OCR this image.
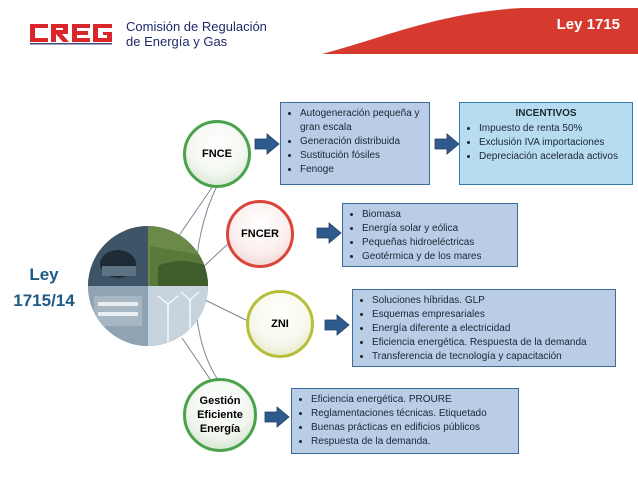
Comisión de Regulación
de Energía y Gas
Ley 1715
Ley
1715/14
FNCE
FNCER
ZNI
Gestión
Eficiente
Energía
• Autogeneración pequeña y gran escala
• Generación distribuida
• Sustitución fósiles
• Fenoge
INCENTIVOS
• Impuesto de renta 50%
• Exclusión IVA importaciones
• Depreciación acelerada activos
• Biomasa
• Energía solar y eólica
• Pequeñas hidroeléctricas
• Geotérmica y de los mares
• Soluciones híbridas. GLP
• Esquemas empresariales
• Energía diferente a electricidad
• Eficiencia energética. Respuesta de la demanda
• Transferencia de tecnología y capacitación
• Eficiencia energética. PROURE
• Reglamentaciones técnicas. Etiquetado
• Buenas prácticas en edificios públicos
• Respuesta de la demanda.
